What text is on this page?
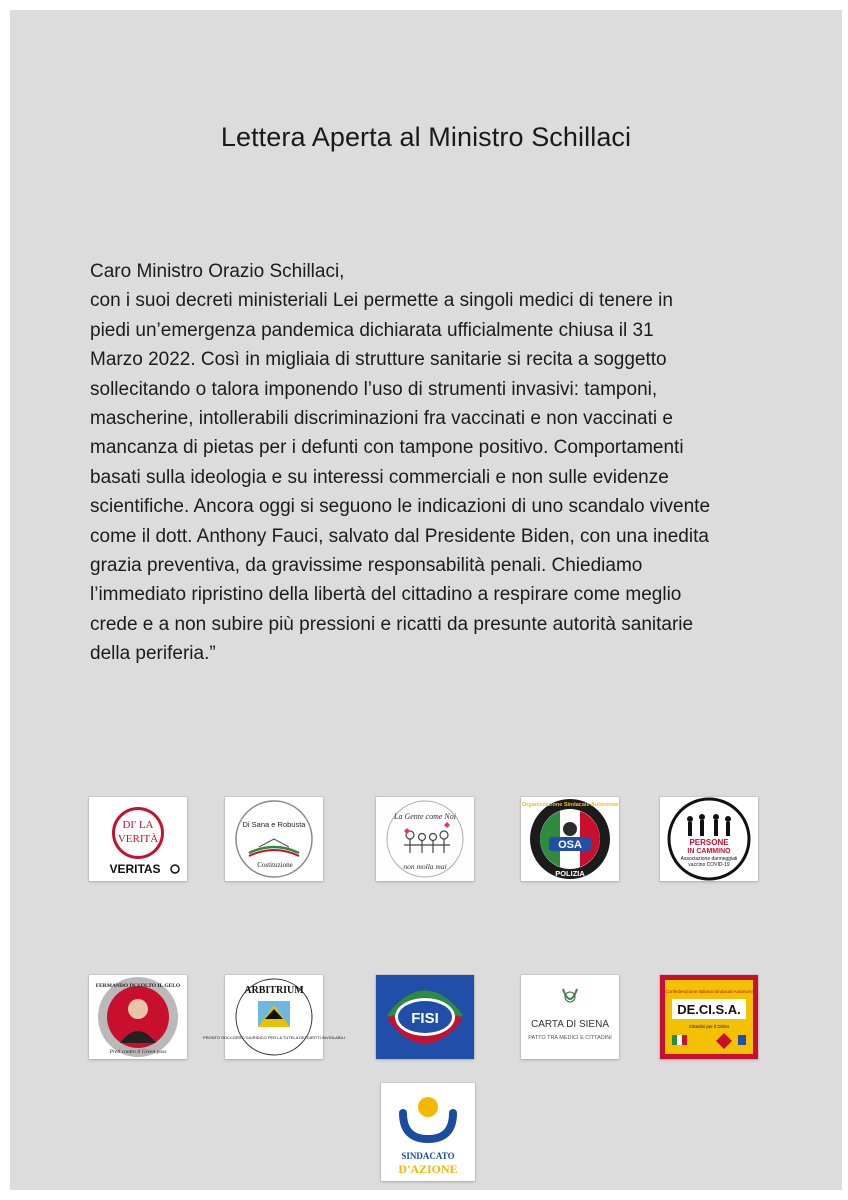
Lettera Aperta al Ministro Schillaci
Caro Ministro Orazio Schillaci,
con i suoi decreti ministeriali Lei permette a singoli medici di tenere in
piedi un’emergenza pandemica dichiarata ufficialmente chiusa il 31
Marzo 2022. Così in migliaia di strutture sanitarie si recita a soggetto
sollecitando o talora imponendo l’uso di strumenti invasivi: tamponi,
mascherine, intollerabili discriminazioni fra vaccinati e non vaccinati e
mancanza di pietas per i defunti con tampone positivo. Comportamenti
basati sulla ideologia e su interessi commerciali e non sulle evidenze
scientifiche. Ancora oggi si seguono le indicazioni di uno scandalo vivente
come il dott. Anthony Fauci, salvato dal Presidente Biden, con una inedita
grazia preventiva, da gravissime responsabilità penali. Chiediamo
l’immediato ripristino della libertà del cittadino a respirare come meglio
crede e a non subire più pressioni e ricatti da presunte autorità sanitarie
della periferia.”
DI' LA
VERITÀ
VERITAS
Di Sana e Robusta
Costituzione
La Gente come Noi
non molla mai
OSA
Organizzazione Sindacale Autonoma
POLIZIA
PERSONE
IN CAMMINO
Associazione danneggiati
vaccino COVID-19
FERMANDO IN VOLTO IL GELO
Preti contro il Green pass
ARBITRIUM
PRONTO SOCCORSO GIURIDICO PER LA TUTELA DEI DIRITTI INVIOLABILI
FISI	CARTA DI SIENA
PATTO TRA MEDICI E CITTADINI
Confederazione Italiana Sindacati Autonomi
DE.CI.S.A.
Cittadini per il Diritto
SINDACATO
D'AZIONE
